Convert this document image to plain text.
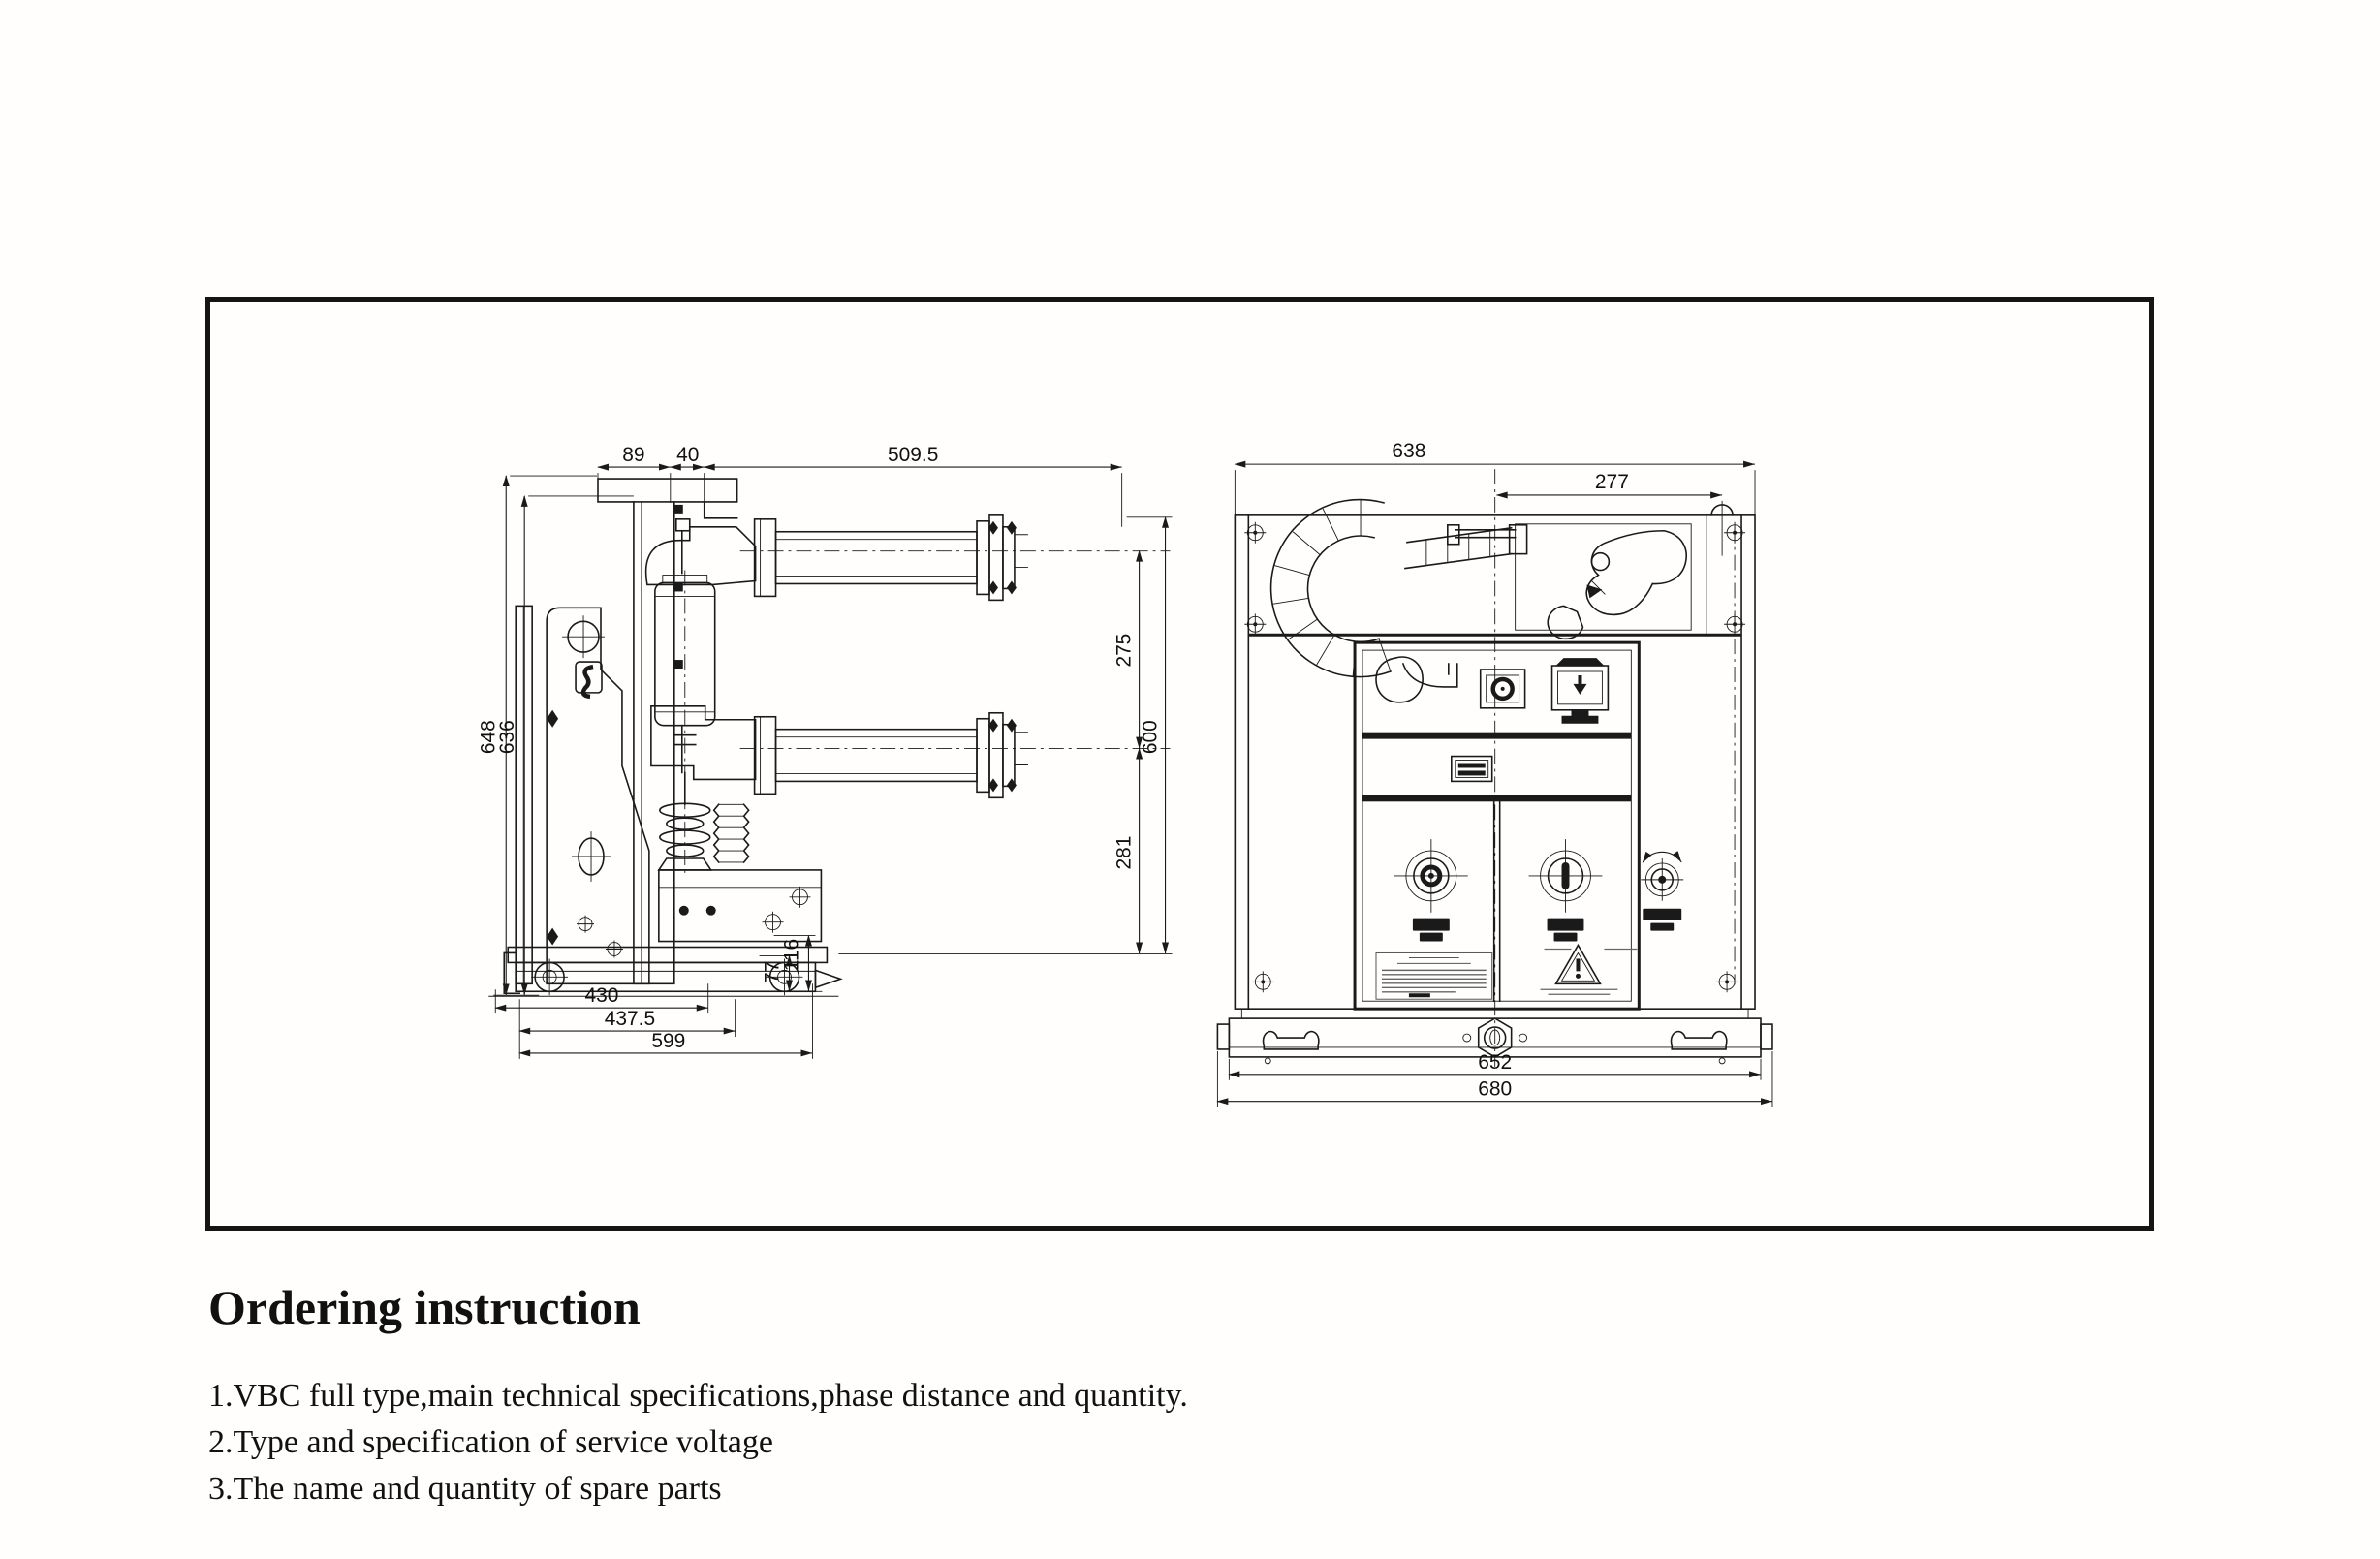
89 40	509.5
648
636
275
600
281
116
77
430
437.5
599
638
277
652
680
Ordering instruction

1.VBC full type,main technical specifications,phase distance and quantity.

2.Type and specification of service voltage

3.The name and quantity of spare parts
